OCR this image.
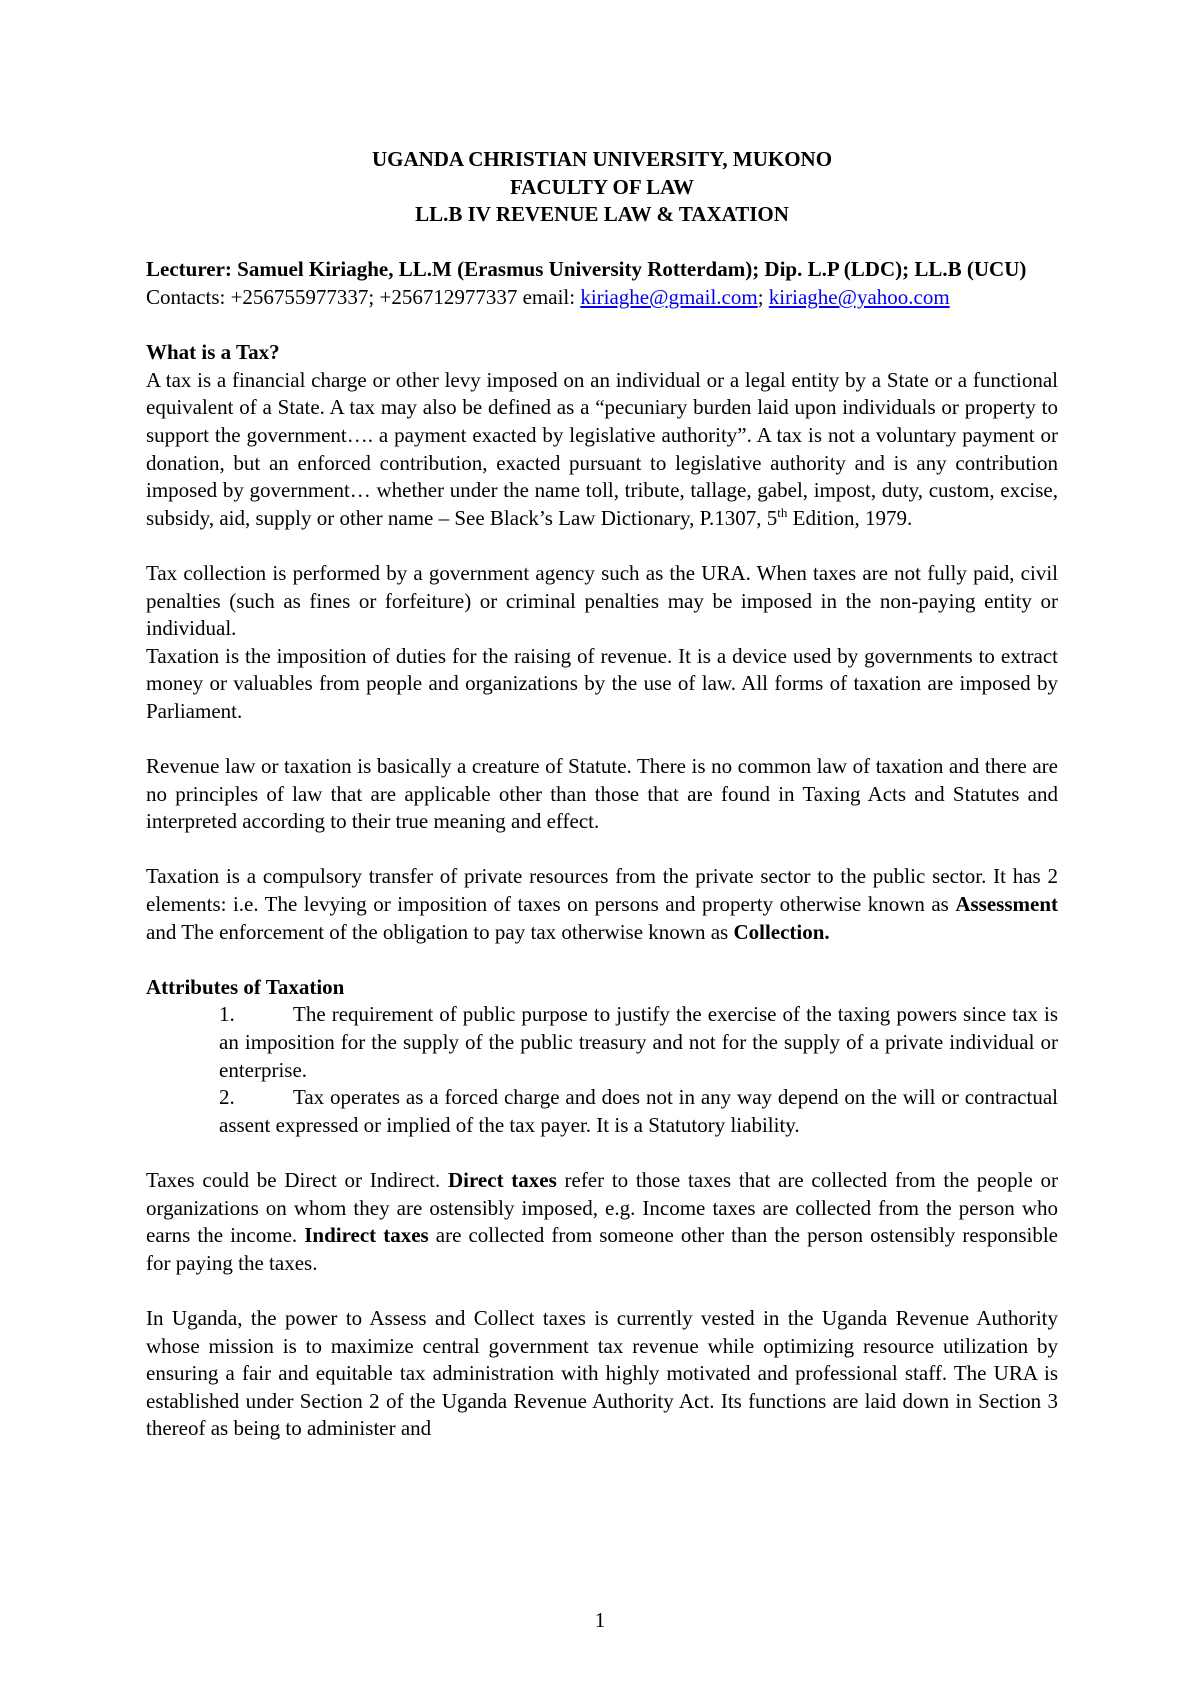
UGANDA CHRISTIAN UNIVERSITY, MUKONO
FACULTY OF LAW
LL.B IV REVENUE LAW & TAXATION
Lecturer: Samuel Kiriaghe, LL.M (Erasmus University Rotterdam); Dip. L.P (LDC); LL.B (UCU) Contacts: +256755977337; +256712977337 email: kiriaghe@gmail.com; kiriaghe@yahoo.com
What is a Tax?
A tax is a financial charge or other levy imposed on an individual or a legal entity by a State or a functional equivalent of a State. A tax may also be defined as a “pecuniary burden laid upon individuals or property to support the government…. a payment exacted by legislative authority”. A tax is not a voluntary payment or donation, but an enforced contribution, exacted pursuant to legislative authority and is any contribution imposed by government… whether under the name toll, tribute, tallage, gabel, impost, duty, custom, excise, subsidy, aid, supply or other name – See Black’s Law Dictionary, P.1307, 5th Edition, 1979.
Tax collection is performed by a government agency such as the URA. When taxes are not fully paid, civil penalties (such as fines or forfeiture) or criminal penalties may be imposed in the non-paying entity or individual.
Taxation is the imposition of duties for the raising of revenue. It is a device used by governments to extract money or valuables from people and organizations by the use of law. All forms of taxation are imposed by Parliament.
Revenue law or taxation is basically a creature of Statute. There is no common law of taxation and there are no principles of law that are applicable other than those that are found in Taxing Acts and Statutes and interpreted according to their true meaning and effect.
Taxation is a compulsory transfer of private resources from the private sector to the public sector. It has 2 elements: i.e. The levying or imposition of taxes on persons and property otherwise known as Assessment and The enforcement of the obligation to pay tax otherwise known as Collection.
Attributes of Taxation
1.	The requirement of public purpose to justify the exercise of the taxing powers since tax is an imposition for the supply of the public treasury and not for the supply of a private individual or enterprise.
2.	Tax operates as a forced charge and does not in any way depend on the will or contractual assent expressed or implied of the tax payer. It is a Statutory liability.
Taxes could be Direct or Indirect. Direct taxes refer to those taxes that are collected from the people or organizations on whom they are ostensibly imposed, e.g. Income taxes are collected from the person who earns the income. Indirect taxes are collected from someone other than the person ostensibly responsible for paying the taxes.
In Uganda, the power to Assess and Collect taxes is currently vested in the Uganda Revenue Authority whose mission is to maximize central government tax revenue while optimizing resource utilization by ensuring a fair and equitable tax administration with highly motivated and professional staff. The URA is established under Section 2 of the Uganda Revenue Authority Act. Its functions are laid down in Section 3 thereof as being to administer and
1
